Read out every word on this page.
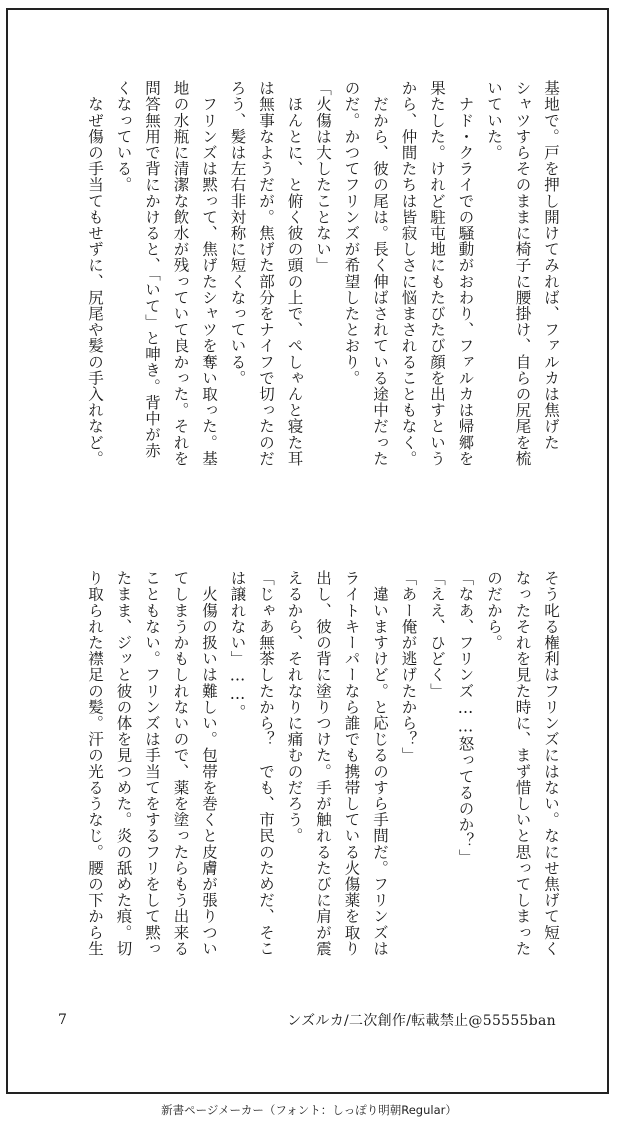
基地で。戸を押し開けてみれば、ファルカは焦げた
シャツすらそのままに椅子に腰掛け、自らの尻尾を梳
いていた。
　ナド・クライでの騒動がおわり、ファルカは帰郷を
果たした。けれど駐屯地にもたびたび顔を出すという
から、仲間たちは皆寂しさに悩まされることもなく。
　だから、彼の尾は。長く伸ばされている途中だった
のだ。かつてフリンズが希望したとおり。
「火傷は大したことない」
　ほんとに、と俯く彼の頭の上で、ぺしゃんと寝た耳
は無事なようだが。焦げた部分をナイフで切ったのだ
ろう、髪は左右非対称に短くなっている。
　フリンズは黙って、焦げたシャツを奪い取った。基
地の水瓶に清潔な飲水が残っていて良かった。それを
問答無用で背にかけると、「いて」と呻き。背中が赤
くなっている。
　なぜ傷の手当てもせずに、尻尾や髪の手入れなど。
そう叱る権利はフリンズにはない。なにせ焦げて短く
なったそれを見た時に、まず惜しいと思ってしまった
のだから。
「なあ、フリンズ……怒ってるのか？」
「ええ、ひどく」
「あー俺が逃げたから？」
　違いますけど。と応じるのすら手間だ。フリンズは
ライトキーパーなら誰でも携帯している火傷薬を取り
出し、彼の背に塗りつけた。手が触れるたびに肩が震
えるから、それなりに痛むのだろう。
「じゃあ無茶したから？　でも、市民のためだ、そこ
は譲れない」……。
　火傷の扱いは難しい。包帯を巻くと皮膚が張りつい
てしまうかもしれないので、薬を塗ったらもう出来る
こともない。フリンズは手当てをするフリをして黙っ
たまま、ジッと彼の体を見つめた。炎の舐めた痕。切
り取られた襟足の髪。汗の光るうなじ。腰の下から生
7	ンズルカ/二次創作/転載禁止@55555ban
新書ページメーカー（フォント：しっぽり明朝Regular）
